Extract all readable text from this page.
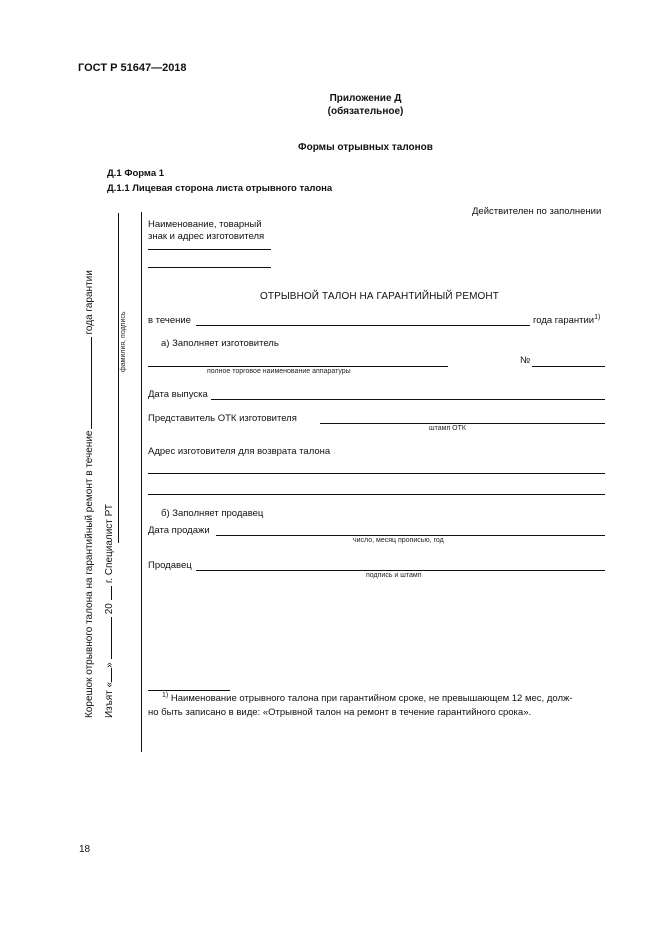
ГОСТ Р 51647—2018
Приложение Д
(обязательное)
Формы отрывных талонов
Д.1 Форма 1
Д.1.1 Лицевая сторона листа отрывного талона
Корешок отрывного талона на гарантийный ремонт в течениегода гарантии
Изъят «»20г. Специалист РТ
фамилия, подпись
Действителен по заполнении
Наименование, товарный
знак и адрес изготовителя
ОТРЫВНОЙ ТАЛОН НА ГАРАНТИЙНЫЙ РЕМОНТ
в течение	года гарантии$^{1)}$
а) Заполняет изготовитель
№
полное торговое наименование аппаратуры
Дата выпуска
Представитель ОТК изготовителя
штамп ОТК
Адрес изготовителя для возврата талона
б) Заполняет продавец
Дата продажи
число, месяц прописью, год
Продавец
подпись и штамп
$^{1)}$ Наименование отрывного талона при гарантийном сроке, не превышающем 12 мес, долж-
но быть записано в виде: «Отрывной талон на ремонт в течение гарантийного срока».
18
